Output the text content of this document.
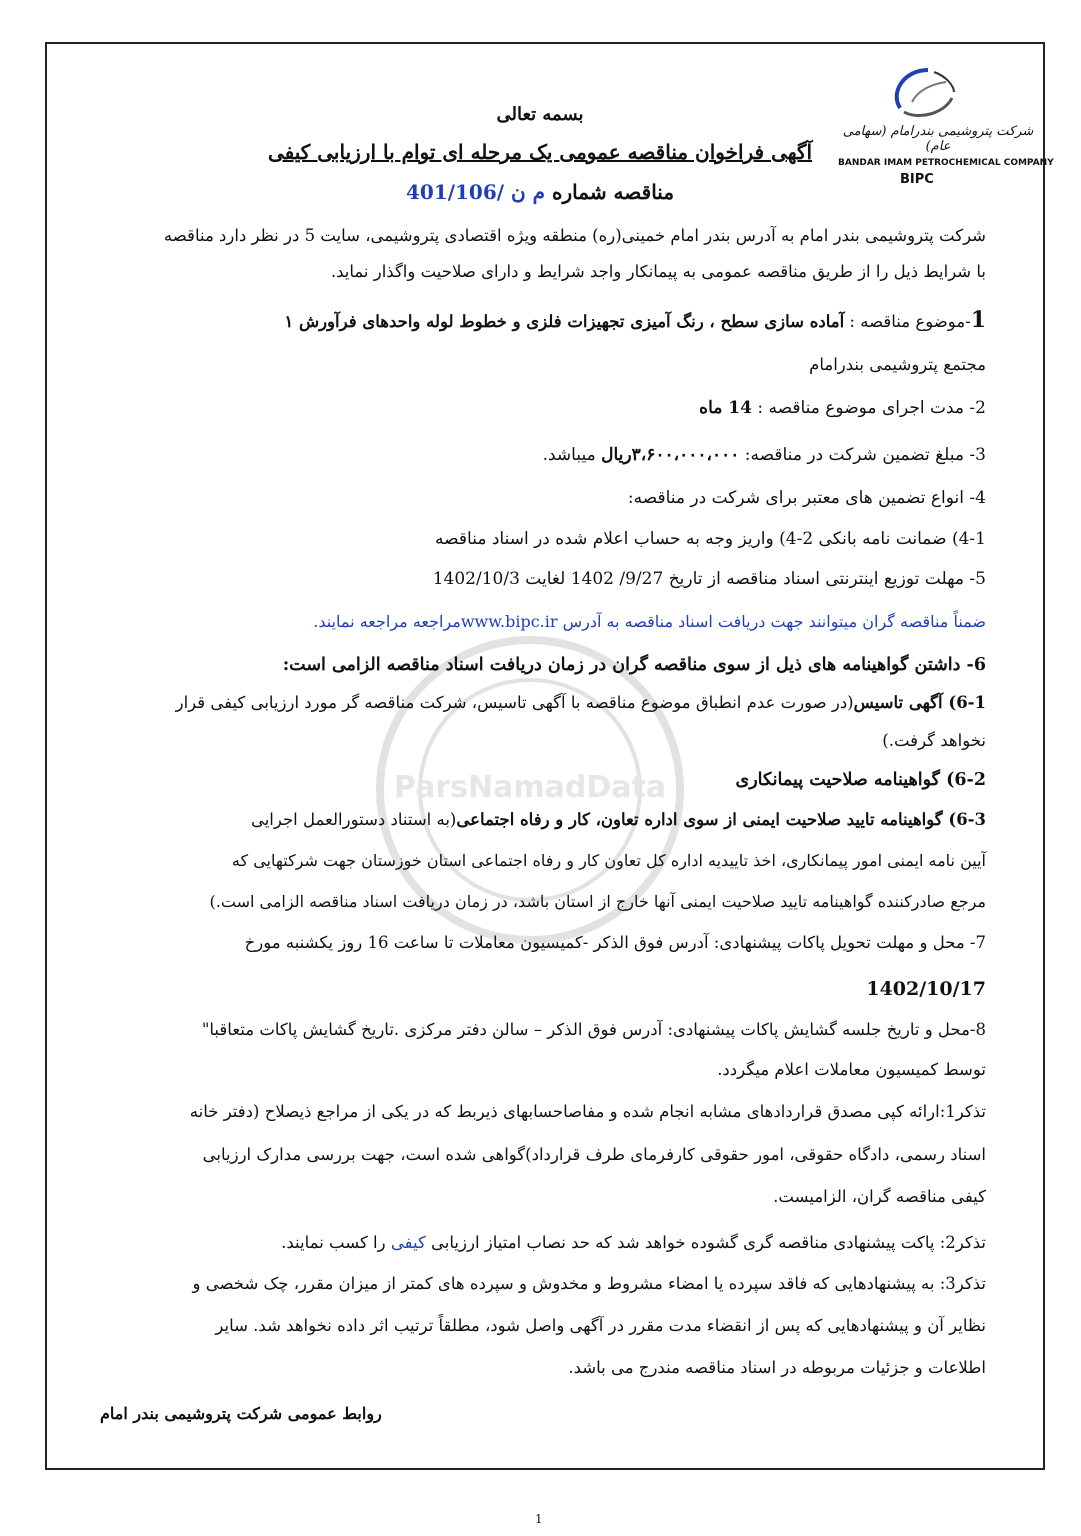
شرکت پتروشیمی بندرامام (سهامی عام)
BANDAR IMAM PETROCHEMICAL COMPANY
BIPC
ParsNamadData
بسمه تعالی
آگهی فراخوان مناقصه عمومی یک مرحله ای توام با ارزیابی کیفی
مناقصه شماره م ن /401/106
شرکت پتروشیمی بندر امام به آدرس بندر امام خمینی(ره) منطقه ویژه اقتصادی پتروشیمی، سایت 5 در نظر دارد مناقصه
با شرایط ذیل را از طریق مناقصه عمومی به پیمانکار واجد شرایط و دارای صلاحیت واگذار نماید.
1-موضوع مناقصه : آماده سازی سطح ، رنگ آمیزی تجهیزات فلزی و خطوط لوله واحدهای فرآورش ۱
مجتمع پتروشیمی بندرامام
2- مدت اجرای موضوع مناقصه : 14 ماه
3- مبلغ تضمین شرکت در مناقصه: ۳،۶۰۰،۰۰۰،۰۰۰ریال میباشد.
4- انواع تضمین های معتبر برای شرکت در مناقصه:
4-1) ضمانت نامه بانکی 2-4) واریز وجه به حساب اعلام شده در اسناد مناقصه
5- مهلت توزیع اینترنتی اسناد مناقصه از تاریخ 9/27/ 1402 لغایت 1402/10/3
ضمناً مناقصه گران میتوانند جهت دریافت اسناد مناقصه به آدرس www.bipc.irمراجعه مراجعه نمایند.
6- داشتن گواهینامه های ذیل از سوی مناقصه گران در زمان دریافت اسناد مناقصه الزامی است:
6-1) آگهی تاسیس(در صورت عدم انطباق موضوع مناقصه با آگهی تاسیس، شرکت مناقصه گر مورد ارزیابی کیفی قرار
نخواهد گرفت.)
6-2) گواهینامه صلاحیت پیمانکاری
6-3) گواهینامه تایید صلاحیت ایمنی از سوی اداره تعاون، کار و رفاه اجتماعی(به استناد دستورالعمل اجرایی
آیین نامه ایمنی امور پیمانکاری، اخذ تاییدیه اداره کل تعاون کار و رفاه اجتماعی استان خوزستان جهت شرکتهایی که
مرجع صادرکننده گواهینامه تایید صلاحیت ایمنی آنها خارج از استان باشد، در زمان دریافت اسناد مناقصه الزامی است.)
7- محل و مهلت تحویل پاکات پیشنهادی: آدرس فوق الذکر -کمیسیون معاملات تا ساعت 16 روز یکشنبه مورخ
1402/10/17
8-محل و تاریخ جلسه گشایش پاکات پیشنهادی: آدرس فوق الذکر – سالن دفتر مرکزی .تاریخ گشایش پاکات متعاقبا"
توسط کمیسیون معاملات اعلام میگردد.
تذکر1:ارائه کپی مصدق قراردادهای مشابه انجام شده و مفاصاحسابهای ذیربط که در یکی از مراجع ذیصلاح (دفتر خانه
اسناد رسمی، دادگاه حقوقی، امور حقوقی کارفرمای طرف قرارداد)گواهی شده است، جهت بررسی مدارک ارزیابی
کیفی مناقصه گران، الزامیست.
تذکر2: پاکت پیشنهادی مناقصه گری گشوده خواهد شد که حد نصاب امتیاز ارزیابی کیفی را کسب نمایند.
تذکر3: به پیشنهادهایی که فاقد سپرده یا امضاء مشروط و مخدوش و سپرده های کمتر از میزان مقرر، چک شخصی و
نظایر آن و پیشنهادهایی که پس از انقضاء مدت مقرر در آگهی واصل شود، مطلقاً ترتیب اثر داده نخواهد شد. سایر
اطلاعات و جزئیات مربوطه در اسناد مناقصه مندرج می باشد.
روابط عمومی شرکت پتروشیمی بندر امام
1
